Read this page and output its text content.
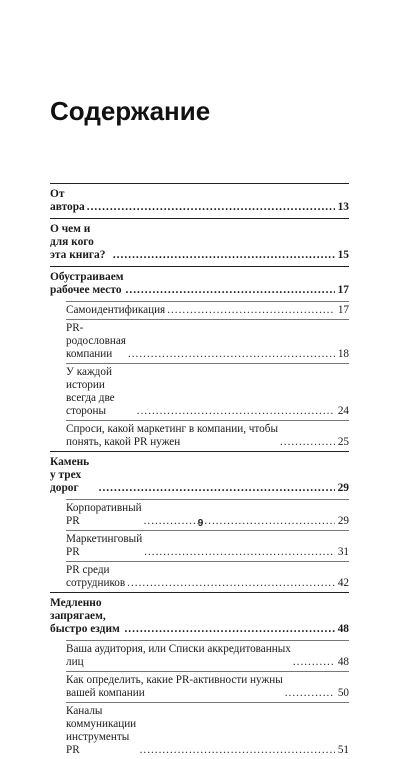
Содержание
От автора .....	13
О чем и для кого эта книга? .....	15
Обустраиваем рабочее место .....	17
Самоидентификация .....	17
PR-родословная компании .....	18
У каждой истории всегда две стороны .....	24
Спроси, какой маркетинг в компании, чтобы
понять, какой PR нужен .....	25
Камень у трех дорог .....	29
Корпоративный PR .....	29
Маркетинговый PR .....	31
PR среди сотрудников .....	42
Медленно запрягаем, быстро ездим .....	48
Ваша аудитория, или Списки аккредитованных
лиц .....	48
Как определить, какие PR-активности нужны
вашей компании .....	50
Каналы коммуникации инструменты PR .....	51
9
